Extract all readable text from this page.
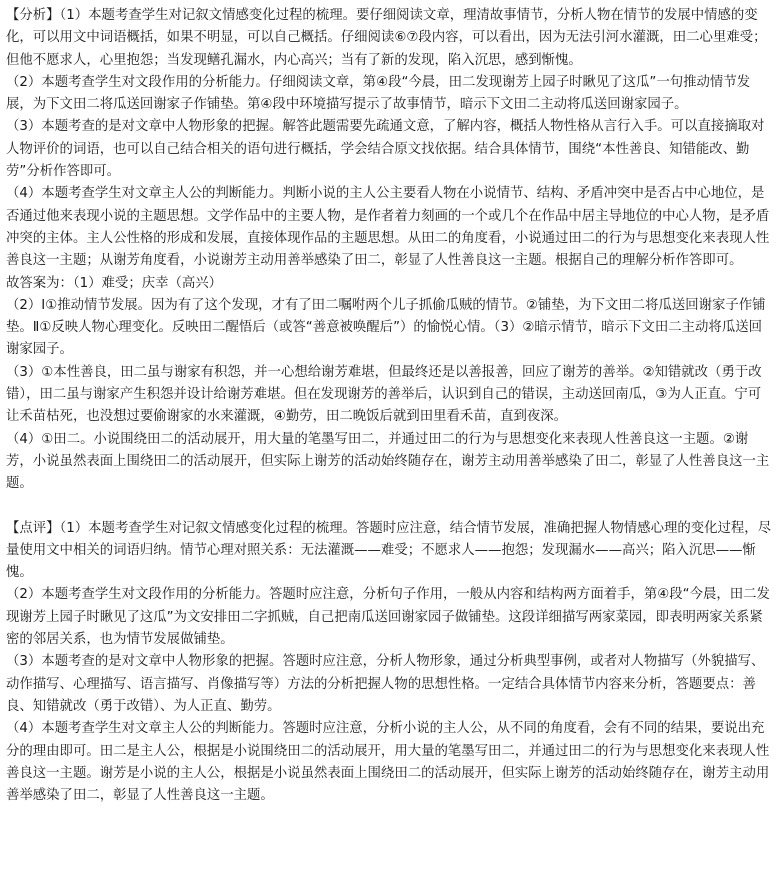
【分析】（1）本题考查学生对记叙文情感变化过程的梳理。要仔细阅读文章，理清故事情节，分析人物在情节的发展中情感的变化，可以用文中词语概括，如果不明显，可以自己概括。仔细阅读⑥⑦段内容，可以看出，因为无法引河水灌溉，田二心里难受；但他不愿求人，心里抱怨；当发现鳝孔漏水，内心高兴；当有了新的发现，陷入沉思，感到惭愧。

（2）本题考查学生对文段作用的分析能力。仔细阅读文章，第④段“今晨，田二发现谢芳上园子时瞅见了这瓜”一句推动情节发展，为下文田二将瓜送回谢家子作铺垫。第④段中环境描写提示了故事情节，暗示下文田二主动将瓜送回谢家园子。

（3）本题考查的是对文章中人物形象的把握。解答此题需要先疏通文意，了解内容，概括人物性格从言行入手。可以直接摘取对人物评价的词语，也可以自己结合相关的语句进行概括，学会结合原文找依据。结合具体情节，围绕“本性善良、知错能改、勤劳”分析作答即可。

（4）本题考查学生对文章主人公的判断能力。判断小说的主人公主要看人物在小说情节、结构、矛盾冲突中是否占中心地位，是否通过他来表现小说的主题思想。文学作品中的主要人物，是作者着力刻画的一个或几个在作品中居主导地位的中心人物，是矛盾冲突的主体。主人公性格的形成和发展，直接体现作品的主题思想。从田二的角度看，小说通过田二的行为与思想变化来表现人性善良这一主题；从谢芳角度看，小说谢芳主动用善举感染了田二，彰显了人性善良这一主题。根据自己的理解分析作答即可。

故答案为：（1）难受；庆幸（高兴）

（2）Ⅰ①推动情节发展。因为有了这个发现，才有了田二嘱咐两个儿子抓偷瓜贼的情节。②铺垫，为下文田二将瓜送回谢家子作铺垫。Ⅱ①反映人物心理变化。反映田二醒悟后（或答“善意被唤醒后”）的愉悦心情。（3）②暗示情节，暗示下文田二主动将瓜送回谢家园子。

（3）①本性善良，田二虽与谢家有积怨，并一心想给谢芳难堪，但最终还是以善报善，回应了谢芳的善举。②知错就改（勇于改错），田二虽与谢家产生积怨并设计给谢芳难堪。但在发现谢芳的善举后，认识到自己的错误，主动送回南瓜，③为人正直。宁可让禾苗枯死，也没想过要偷谢家的水来灌溉，④勤劳，田二晚饭后就到田里看禾苗，直到夜深。

（4）①田二。小说围绕田二的活动展开，用大量的笔墨写田二，并通过田二的行为与思想变化来表现人性善良这一主题。②谢芳，小说虽然表面上围绕田二的活动展开，但实际上谢芳的活动始终随存在，谢芳主动用善举感染了田二，彰显了人性善良这一主题。

【点评】（1）本题考查学生对记叙文情感变化过程的梳理。答题时应注意，结合情节发展，准确把握人物情感心理的变化过程，尽量使用文中相关的词语归纳。情节心理对照关系：无法灌溉——难受；不愿求人——抱怨；发现漏水——高兴；陷入沉思——惭愧。

（2）本题考查学生对文段作用的分析能力。答题时应注意，分析句子作用，一般从内容和结构两方面着手，第④段“今晨，田二发现谢芳上园子时瞅见了这瓜”为文安排田二字抓贼，自己把南瓜送回谢家园子做铺垫。这段详细描写两家菜园，即表明两家关系紧密的邻居关系，也为情节发展做铺垫。

（3）本题考查的是对文章中人物形象的把握。答题时应注意，分析人物形象，通过分析典型事例，或者对人物描写（外貌描写、动作描写、心理描写、语言描写、肖像描写等）方法的分析把握人物的思想性格。一定结合具体情节内容来分析，答题要点：善良、知错就改（勇于改错）、为人正直、勤劳。

（4）本题考查学生对文章主人公的判断能力。答题时应注意，分析小说的主人公，从不同的角度看，会有不同的结果，要说出充分的理由即可。田二是主人公，根据是小说围绕田二的活动展开，用大量的笔墨写田二，并通过田二的行为与思想变化来表现人性善良这一主题。谢芳是小说的主人公，根据是小说虽然表面上围绕田二的活动展开，但实际上谢芳的活动始终随存在，谢芳主动用善举感染了田二，彰显了人性善良这一主题。
